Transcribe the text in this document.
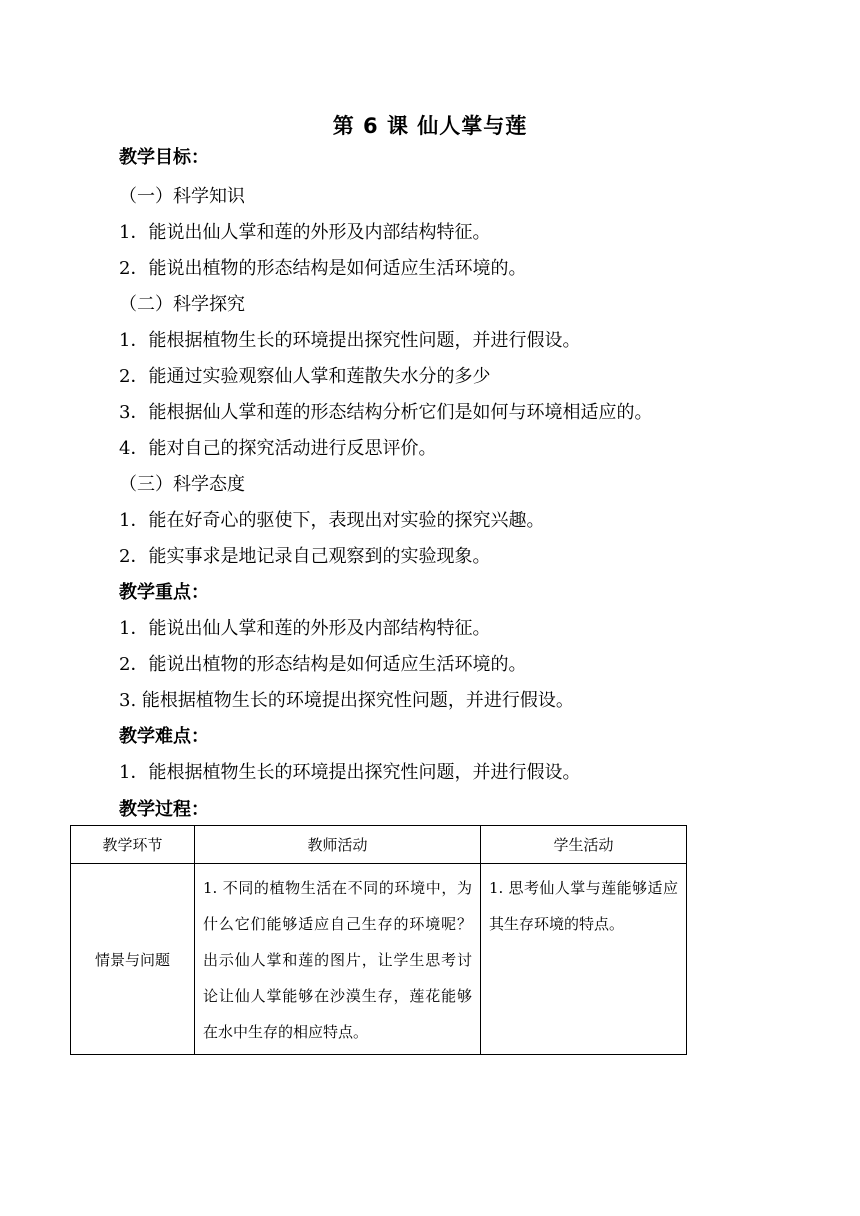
第 6 课 仙人掌与莲
教学目标：
（一）科学知识
1．能说出仙人掌和莲的外形及内部结构特征。
2．能说出植物的形态结构是如何适应生活环境的。
（二）科学探究
1．能根据植物生长的环境提出探究性问题，并进行假设。
2．能通过实验观察仙人掌和莲散失水分的多少
3．能根据仙人掌和莲的形态结构分析它们是如何与环境相适应的。
4．能对自己的探究活动进行反思评价。
（三）科学态度
1．能在好奇心的驱使下，表现出对实验的探究兴趣。
2．能实事求是地记录自己观察到的实验现象。
教学重点：
1．能说出仙人掌和莲的外形及内部结构特征。
2．能说出植物的形态结构是如何适应生活环境的。
3. 能根据植物生长的环境提出探究性问题，并进行假设。
教学难点：
1．能根据植物生长的环境提出探究性问题，并进行假设。
教学过程：
教学环节	教师活动	学生活动
情景与问题	1. 不同的植物生活在不同的环境中，为什么它们能够适应自己生存的环境呢？出示仙人掌和莲的图片，让学生思考讨论让仙人掌能够在沙漠生存，莲花能够在水中生存的相应特点。	1. 思考仙人掌与莲能够适应其生存环境的特点。
